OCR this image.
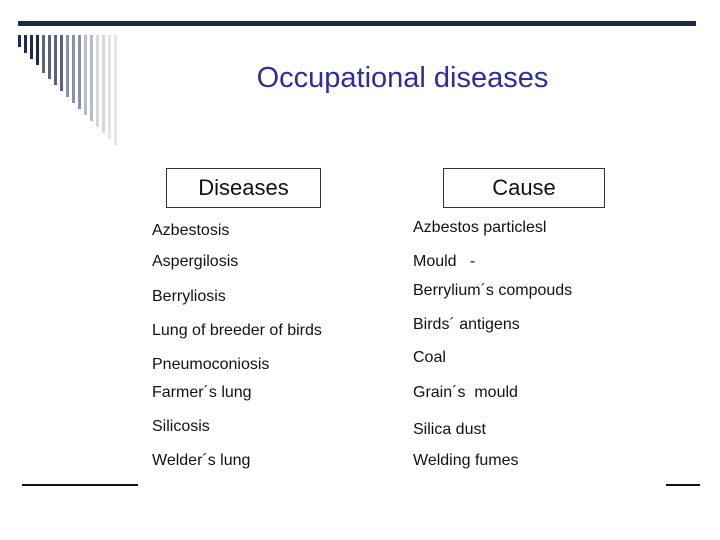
Occupational diseases
Diseases	Cause
Azbestosis
Aspergilosis
Berryliosis
Lung of breeder of birds
Pneumoconiosis
Farmer´s lung
Silicosis
Welder´s lung
Azbestos particlesl
Mould   -
Berrylium´s compouds
Birds´ antigens
Coal
Grain´s  mould
Silica dust
Welding fumes
